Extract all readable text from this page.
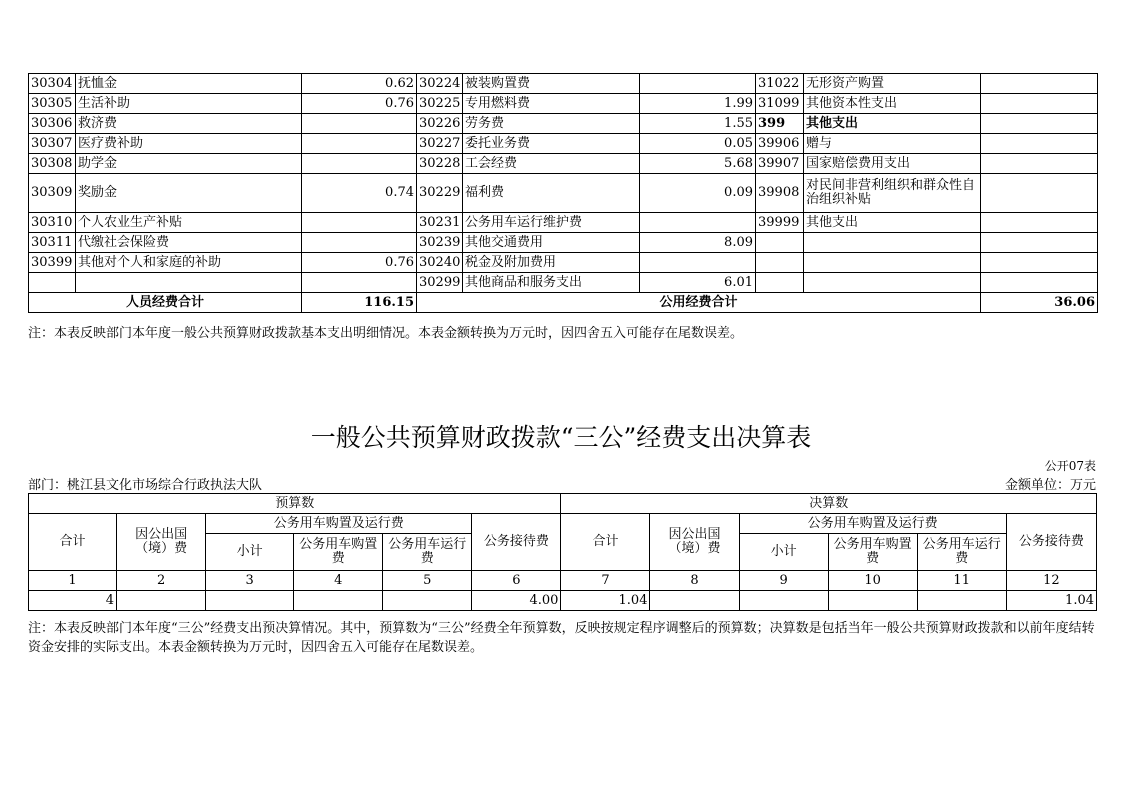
30304	抚恤金	0.62	30224	被装购置费		31022	无形资产购置	
30305	生活补助	0.76	30225	专用燃料费	1.99	31099	其他资本性支出	
30306	救济费		30226	劳务费	1.55	399	其他支出	
30307	医疗费补助		30227	委托业务费	0.05	39906	赠与	
30308	助学金		30228	工会经费	5.68	39907	国家赔偿费用支出	
30309	奖励金	0.74	30229	福利费	0.09	39908	对民间非营利组织和群众性自治组织补贴	
30310	个人农业生产补贴		30231	公务用车运行维护费		39999	其他支出	
30311	代缴社会保险费		30239	其他交通费用	8.09			
30399	其他对个人和家庭的补助	0.76	30240	税金及附加费用				
			30299	其他商品和服务支出	6.01			
人员经费合计		116.15	公用经费合计					36.06
注：本表反映部门本年度一般公共预算财政拨款基本支出明细情况。本表金额转换为万元时，因四舍五入可能存在尾数误差。
一般公共预算财政拨款“三公”经费支出决算表
公开07表
部门：桃江县文化市场综合行政执法大队	金额单位：万元
预算数						决算数					
合计	因公出国（境）费	公务用车购置及运行费			公务接待费	合计	因公出国（境）费	公务用车购置及运行费			公务接待费
		小计	公务用车购置费	公务用车运行费				小计	公务用车购置费	公务用车运行费	
1	2	3	4	5	6	7	8	9	10	11	12
4					4.00	1.04					1.04
注：本表反映部门本年度“三公”经费支出预决算情况。其中，预算数为“三公”经费全年预算数，反映按规定程序调整后的预算数；决算数是包括当年一般公共预算财政拨款和以前年度结转资金安排的实际支出。本表金额转换为万元时，因四舍五入可能存在尾数误差。
